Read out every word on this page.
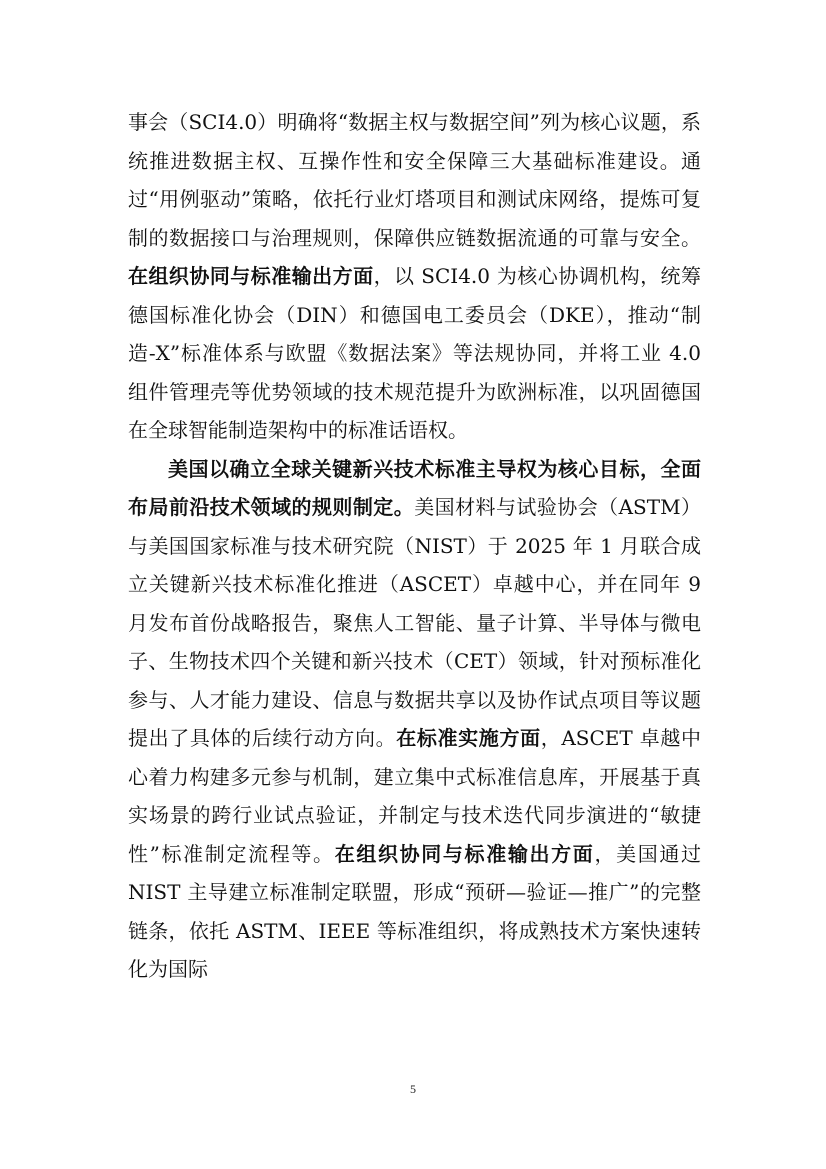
事会（SCI4.0）明确将“数据主权与数据空间”列为核心议题，系统推进数据主权、互操作性和安全保障三大基础标准建设。通过“用例驱动”策略，依托行业灯塔项目和测试床网络，提炼可复制的数据接口与治理规则，保障供应链数据流通的可靠与安全。在组织协同与标准输出方面，以 SCI4.0 为核心协调机构，统筹德国标准化协会（DIN）和德国电工委员会（DKE），推动“制造-X”标准体系与欧盟《数据法案》等法规协同，并将工业 4.0 组件管理壳等优势领域的技术规范提升为欧洲标准，以巩固德国在全球智能制造架构中的标准话语权。

美国以确立全球关键新兴技术标准主导权为核心目标，全面布局前沿技术领域的规则制定。美国材料与试验协会（ASTM）与美国国家标准与技术研究院（NIST）于 2025 年 1 月联合成立关键新兴技术标准化推进（ASCET）卓越中心，并在同年 9 月发布首份战略报告，聚焦人工智能、量子计算、半导体与微电子、生物技术四个关键和新兴技术（CET）领域，针对预标准化参与、人才能力建设、信息与数据共享以及协作试点项目等议题提出了具体的后续行动方向。在标准实施方面，ASCET 卓越中心着力构建多元参与机制，建立集中式标准信息库，开展基于真实场景的跨行业试点验证，并制定与技术迭代同步演进的“敏捷性”标准制定流程等。在组织协同与标准输出方面，美国通过 NIST 主导建立标准制定联盟，形成“预研—验证—推广”的完整链条，依托 ASTM、IEEE 等标准组织，将成熟技术方案快速转化为国际

5
